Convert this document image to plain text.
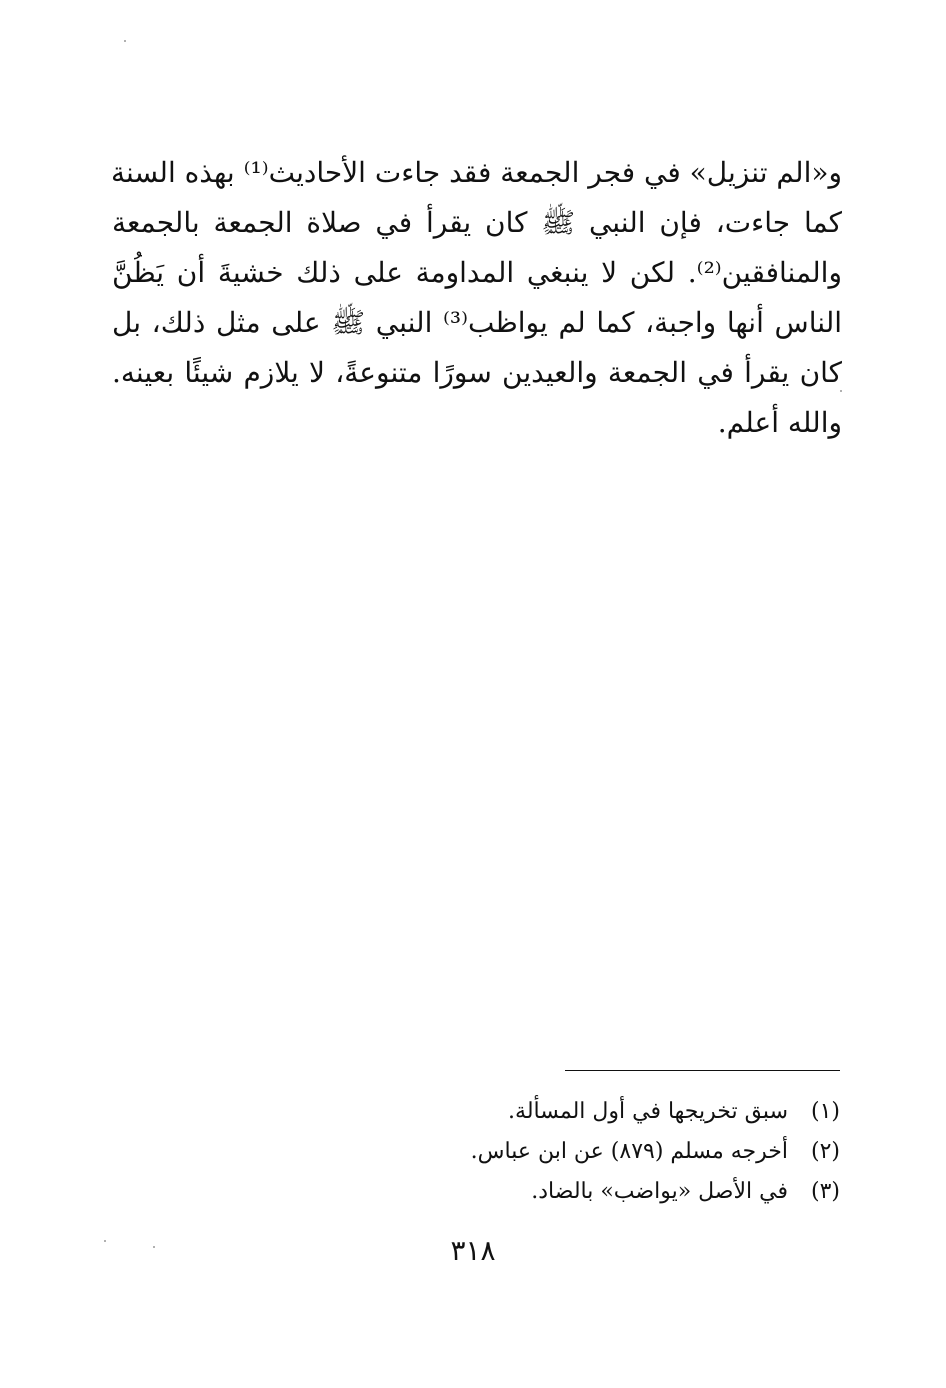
و«الم تنزيل» في فجر الجمعة فقد جاءت الأحاديث⁽¹⁾ بهذه السنة
كما جاءت، فإن النبي ﷺ كان يقرأ في صلاة الجمعة بالجمعة
والمنافقين⁽²⁾. لكن لا ينبغي المداومة على ذلك خشيةَ أن يَظُنَّ
الناس أنها واجبة، كما لم يواظب⁽³⁾ النبي ﷺ على مثل ذلك، بل
كان يقرأ في الجمعة والعيدين سورًا متنوعةً، لا يلازم شيئًا بعينه.
والله أعلم.
(١)
سبق تخريجها في أول المسألة.
(٢)
أخرجه مسلم (٨٧٩) عن ابن عباس.
(٣)
في الأصل «يواضب» بالضاد.
٣١٨
